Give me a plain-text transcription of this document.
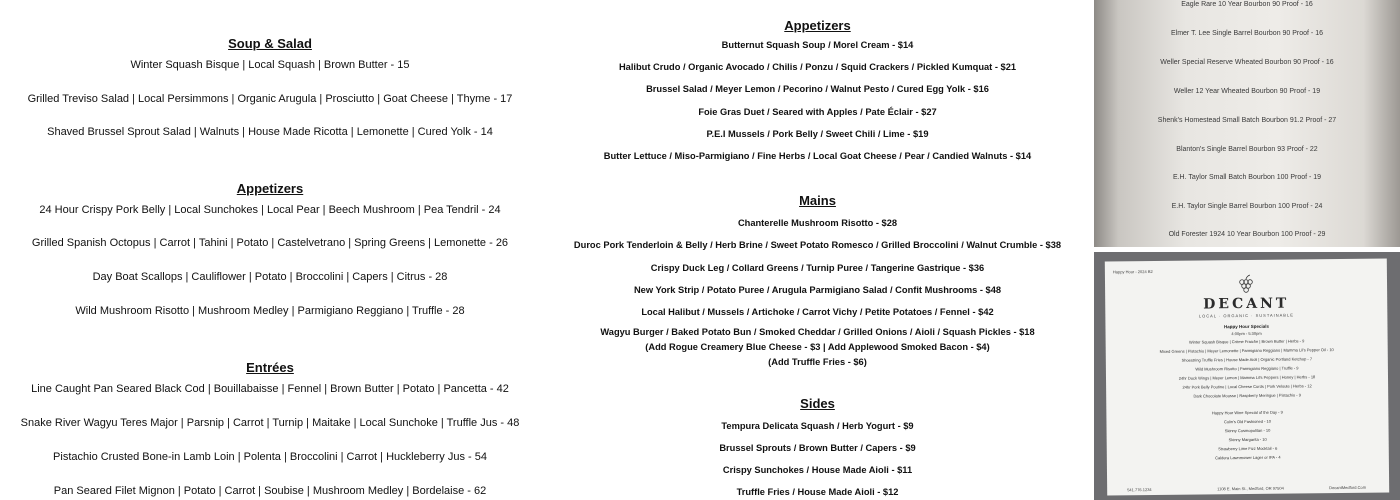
Soup & Salad
Winter Squash Bisque | Local Squash | Brown Butter - 15
Grilled Treviso Salad | Local Persimmons | Organic Arugula | Prosciutto | Goat Cheese | Thyme - 17
Shaved Brussel Sprout Salad | Walnuts | House Made Ricotta | Lemonette | Cured Yolk - 14
Appetizers
24 Hour Crispy Pork Belly | Local Sunchokes | Local Pear | Beech Mushroom | Pea Tendril - 24
Grilled Spanish Octopus | Carrot | Tahini | Potato | Castelvetrano | Spring Greens | Lemonette - 26
Day Boat Scallops | Cauliflower | Potato | Broccolini | Capers | Citrus - 28
Wild Mushroom Risotto | Mushroom Medley | Parmigiano Reggiano | Truffle - 28
Entrées
Line Caught Pan Seared Black Cod | Bouillabaisse | Fennel | Brown Butter | Potato | Pancetta - 42
Snake River Wagyu Teres Major | Parsnip | Carrot | Turnip | Maitake | Local Sunchoke | Truffle Jus - 48
Pistachio Crusted Bone-in Lamb Loin | Polenta | Broccolini | Carrot | Huckleberry Jus - 54
Pan Seared Filet Mignon | Potato | Carrot | Soubise | Mushroom Medley | Bordelaise - 62
Appetizers
Butternut Squash Soup / Morel Cream - $14
Halibut Crudo / Organic Avocado / Chilis / Ponzu / Squid Crackers / Pickled Kumquat - $21
Brussel Salad / Meyer Lemon / Pecorino / Walnut Pesto / Cured Egg Yolk - $16
Foie Gras Duet / Seared with Apples / Pate Éclair - $27
P.E.I Mussels / Pork Belly / Sweet Chili / Lime - $19
Butter Lettuce / Miso-Parmigiano / Fine Herbs / Local Goat Cheese / Pear / Candied Walnuts - $14
Mains
Chanterelle Mushroom Risotto - $28
Duroc Pork Tenderloin & Belly / Herb Brine / Sweet Potato Romesco / Grilled Broccolini / Walnut Crumble - $38
Crispy Duck Leg / Collard Greens / Turnip Puree / Tangerine Gastrique - $36
New York Strip / Potato Puree / Arugula Parmigiano Salad / Confit Mushrooms - $48
Local Halibut / Mussels / Artichoke / Carrot Vichy / Petite Potatoes / Fennel - $42
Wagyu Burger / Baked Potato Bun / Smoked Cheddar / Grilled Onions / Aioli / Squash Pickles - $18
(Add Rogue Creamery Blue Cheese - $3 | Add Applewood Smoked Bacon - $4)
(Add Truffle Fries - $6)
Sides
Tempura Delicata Squash / Herb Yogurt - $9
Brussel Sprouts / Brown Butter / Capers - $9
Crispy Sunchokes / House Made Aioli - $11
Truffle Fries / House Made Aioli - $12
Eagle Rare 10 Year Bourbon 90 Proof - 16
Elmer T. Lee Single Barrel Bourbon 90 Proof - 16
Weller Special Reserve Wheated Bourbon 90 Proof - 16
Weller 12 Year Wheated Bourbon 90 Proof - 19
Shenk's Homestead Small Batch Bourbon 91.2 Proof - 27
Blanton's Single Barrel Bourbon 93 Proof - 22
E.H. Taylor Small Batch Bourbon 100 Proof - 19
E.H. Taylor Single Barrel Bourbon 100 Proof - 24
Old Forester 1924 10 Year Bourbon 100 Proof - 29
Happy Hour - 2024 B2
DECANT
LOCAL · ORGANIC · SUSTAINABLE
Happy Hour Specials
4:00pm - 5:30pm
Winter Squash Bisque | Crème Fraiche | Brown Butter | Herbs - 9
Mixed Greens | Pistachio | Meyer Lemonette | Parmigiano Reggiano | Mamma Lil's Pepper Oil - 10
Shoestring Truffle Fries | House Made Aioli | Organic Portland Ketchup - 7
Wild Mushroom Risotto | Parmigiano Reggiano | Truffle - 9
24hr Duck Wings | Meyer Lemon | Mamma Lil's Peppers | Honey | Herbs - 18
24hr Pork Belly Poutine | Local Cheese Curds | Pork Veloute | Herbs - 12
Dark Chocolate Mousse | Raspberry Meringue | Pistachio - 9
Happy Hour Wine Special of the Day - 9
Colin's Old Fashioned - 10
Skinny Cosmopolitan - 10
Skinny Margarita - 10
Strawberry Lime Fizz Mocktail - 6
Caldera Lawnmower Lager or IPA - 4
541.776.1234	1108 E. Main St., Medford, OR 97504	DecantMedford.Com
